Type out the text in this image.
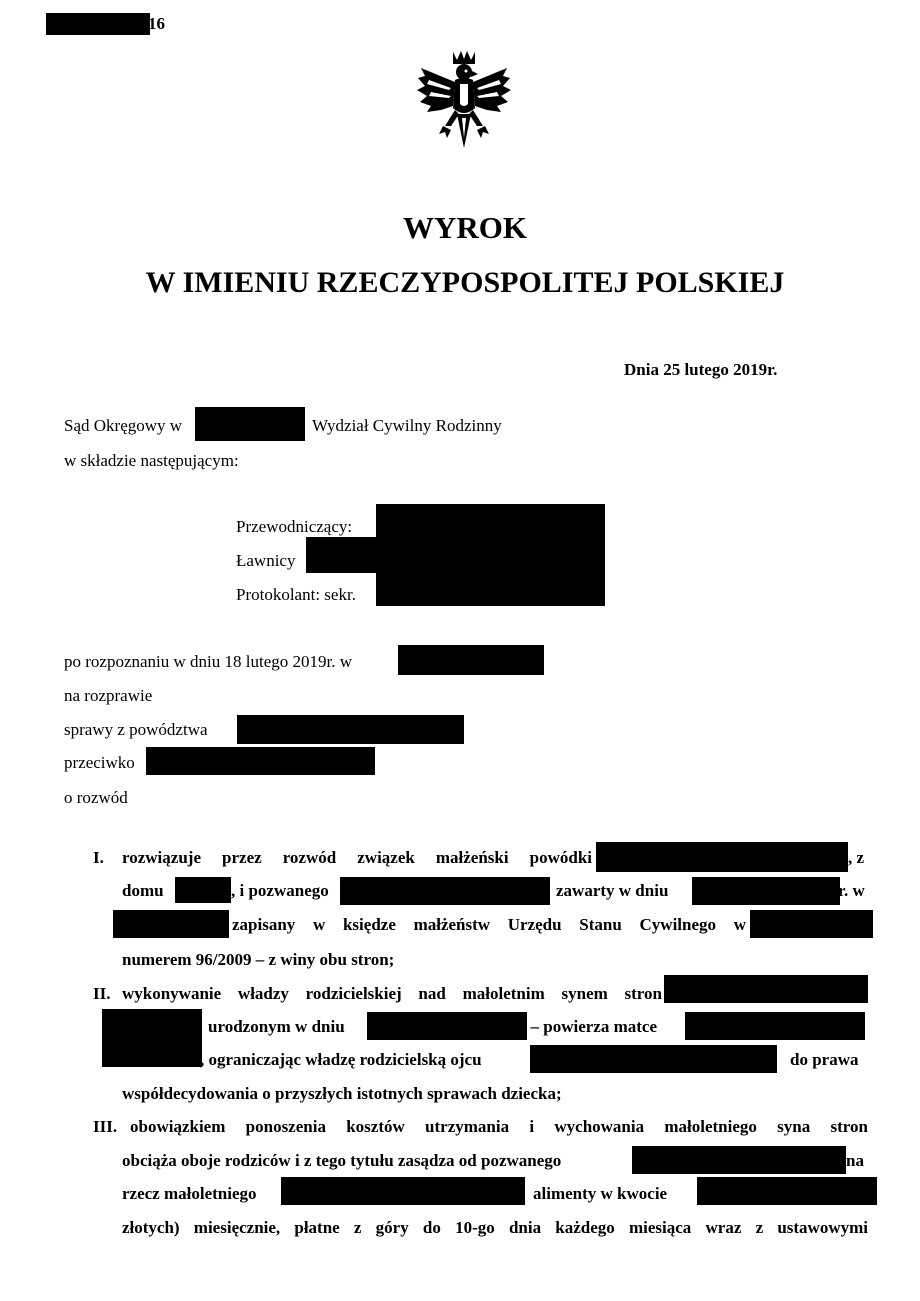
16
WYROK
W IMIENIU RZECZYPOSPOLITEJ POLSKIEJ
Dnia 25 lutego 2019r.
Sąd Okręgowy w	Wydział Cywilny Rodzinny
w składzie następującym:
Przewodniczący:
Ławnicy
Protokolant: sekr.
po rozpoznaniu w dniu 18 lutego 2019r. w
na rozprawie
sprawy z powództwa
przeciwko
o rozwód
I. rozwiązuje przez rozwód związek małżeński powódki	, z
domu	, i pozwanego	zawarty w dniu	r. w
zapisany w księdze małżeństw Urzędu Stanu Cywilnego w
numerem 96/2009 – z winy obu stron;
II. wykonywanie władzy rodzicielskiej nad małoletnim synem stron
urodzonym w dniu	. – powierza matce
, ograniczając władzę rodzicielską ojcu	do prawa
współdecydowania o przyszłych istotnych sprawach dziecka;
III. obowiązkiem ponoszenia kosztów utrzymania i wychowania małoletniego syna stron
obciąża oboje rodziców i z tego tytułu zasądza od pozwanego	na
rzecz małoletniego	alimenty w kwocie
złotych) miesięcznie, płatne z góry do 10-go dnia każdego miesiąca wraz z ustawowymi
